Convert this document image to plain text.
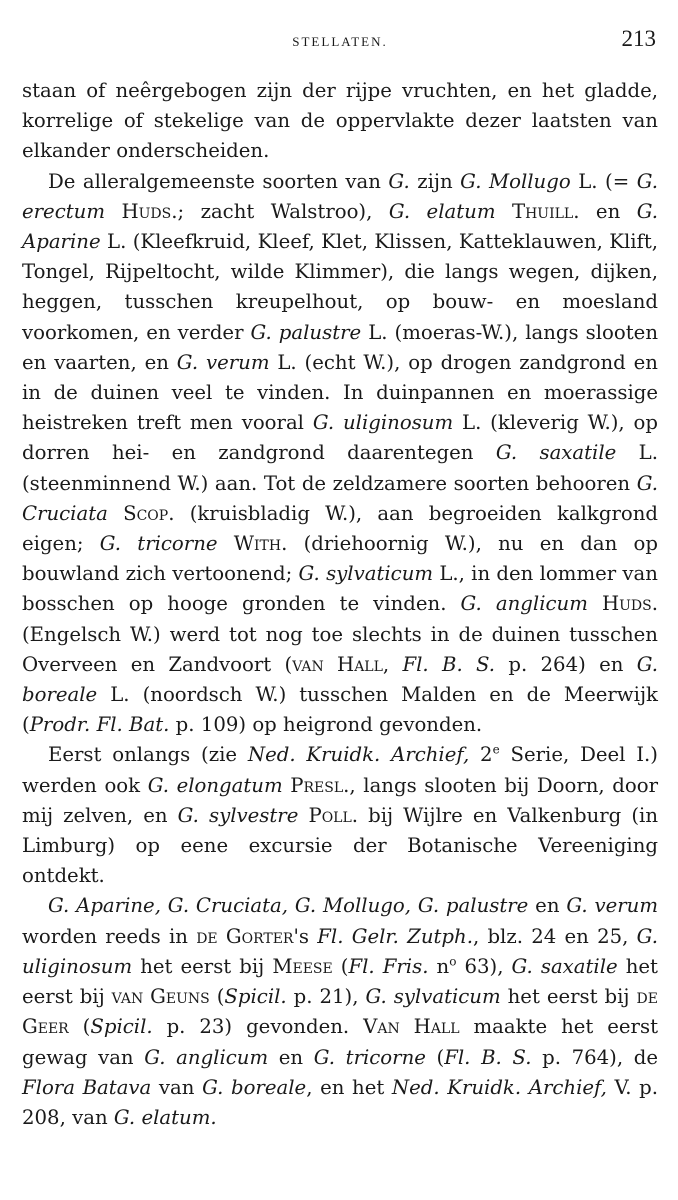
STELLATEN.	213

staan of neêrgebogen zijn der rijpe vruchten, en het gladde, korrelige of stekelige van de oppervlakte dezer laatsten van elkander onderscheiden.

De alleralgemeenste soorten van G. zijn G. Mollugo L. (= G. erectum Huds.; zacht Walstroo), G. elatum Thuill. en G. Aparine L. (Kleefkruid, Kleef, Klet, Klissen, Katteklauwen, Klift, Tongel, Rijpeltocht, wilde Klimmer), die langs wegen, dijken, heggen, tusschen kreupelhout, op bouw- en moesland voorkomen, en verder G. palustre L. (moeras-W.), langs slooten en vaarten, en G. verum L. (echt W.), op drogen zandgrond en in de duinen veel te vinden. In duinpannen en moerassige heistreken treft men vooral G. uliginosum L. (kleverig W.), op dorren hei- en zandgrond daarentegen G. saxatile L. (steenminnend W.) aan. Tot de zeldzamere soorten behooren G. Cruciata Scop. (kruisbladig W.), aan begroeiden kalkgrond eigen; G. tricorne With. (driehoornig W.), nu en dan op bouwland zich vertoonend; G. sylvaticum L., in den lommer van bosschen op hooge gronden te vinden. G. anglicum Huds. (Engelsch W.) werd tot nog toe slechts in de duinen tusschen Overveen en Zandvoort (van Hall, Fl. B. S. p. 264) en G. boreale L. (noordsch W.) tusschen Malden en de Meerwijk (Prodr. Fl. Bat. p. 109) op heigrond gevonden.

Eerst onlangs (zie Ned. Kruidk. Archief, 2e Serie, Deel I.) werden ook G. elongatum Presl., langs slooten bij Doorn, door mij zelven, en G. sylvestre Poll. bij Wijlre en Valkenburg (in Limburg) op eene excursie der Botanische Vereeniging ontdekt.

G. Aparine, G. Cruciata, G. Mollugo, G. palustre en G. verum worden reeds in de Gorter's Fl. Gelr. Zutph., blz. 24 en 25, G. uliginosum het eerst bij Meese (Fl. Fris. $n^o$ 63), G. saxatile het eerst bij van Geuns (Spicil. p. 21), G. sylvaticum het eerst bij de Geer (Spicil. p. 23) gevonden. Van Hall maakte het eerst gewag van G. anglicum en G. tricorne (Fl. B. S. p. 764), de Flora Batava van G. boreale, en het Ned. Kruidk. Archief, V. p. 208, van G. elatum.
